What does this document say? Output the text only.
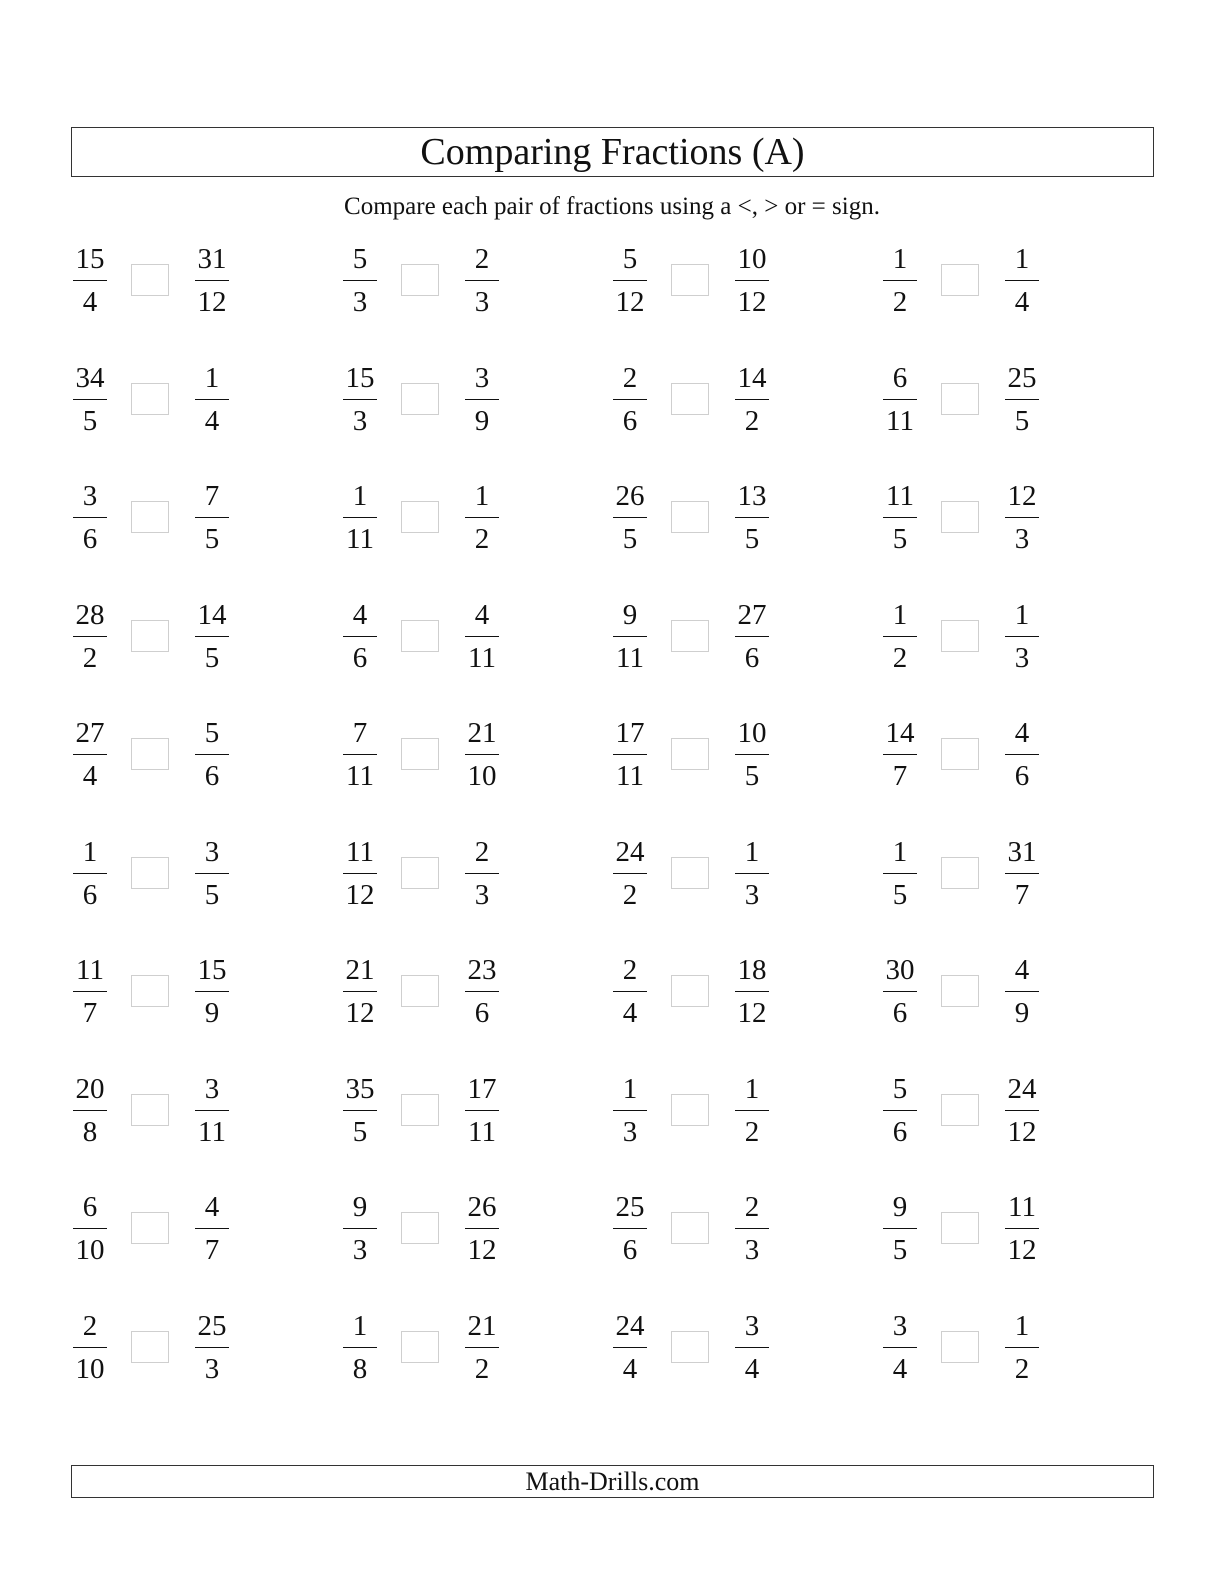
Comparing Fractions (A)
Compare each pair of fractions using a <, > or = sign.
15
4
31
12
5
3
2
3
5
12
10
12
1
2
1
4
34
5
1
4
15
3
3
9
2
6
14
2
6
11
25
5
3
6
7
5
1
11
1
2
26
5
13
5
11
5
12
3
28
2
14
5
4
6
4
11
9
11
27
6
1
2
1
3
27
4
5
6
7
11
21
10
17
11
10
5
14
7
4
6
1
6
3
5
11
12
2
3
24
2
1
3
1
5
31
7
11
7
15
9
21
12
23
6
2
4
18
12
30
6
4
9
20
8
3
11
35
5
17
11
1
3
1
2
5
6
24
12
6
10
4
7
9
3
26
12
25
6
2
3
9
5
11
12
2
10
25
3
1
8
21
2
24
4
3
4
3
4
1
2
Math-Drills.com
